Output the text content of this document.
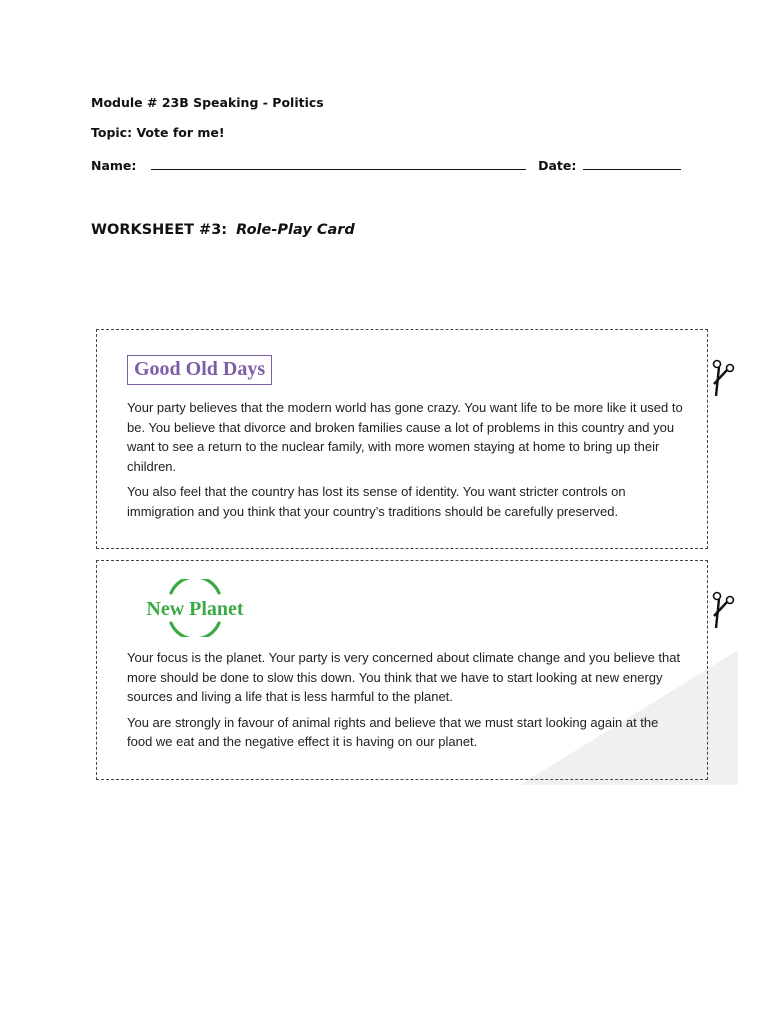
Module # 23B Speaking - Politics
Topic: Vote for me!
Name:	Date:
WORKSHEET #3: Role-Play Card
Good Old Days

Your party believes that the modern world has gone crazy. You want life to be more like it used to be. You believe that divorce and broken families cause a lot of problems in this country and you want to see a return to the nuclear family, with more women staying at home to bring up their children.

You also feel that the country has lost its sense of identity. You want stricter controls on immigration and you think that your country’s traditions should be carefully preserved.

New Planet

Your focus is the planet. Your party is very concerned about climate change and you believe that more should be done to slow this down. You think that we have to start looking at new energy sources and living a life that is less harmful to the planet.

You are strongly in favour of animal rights and believe that we must start looking again at the food we eat and the negative effect it is having on our planet.
